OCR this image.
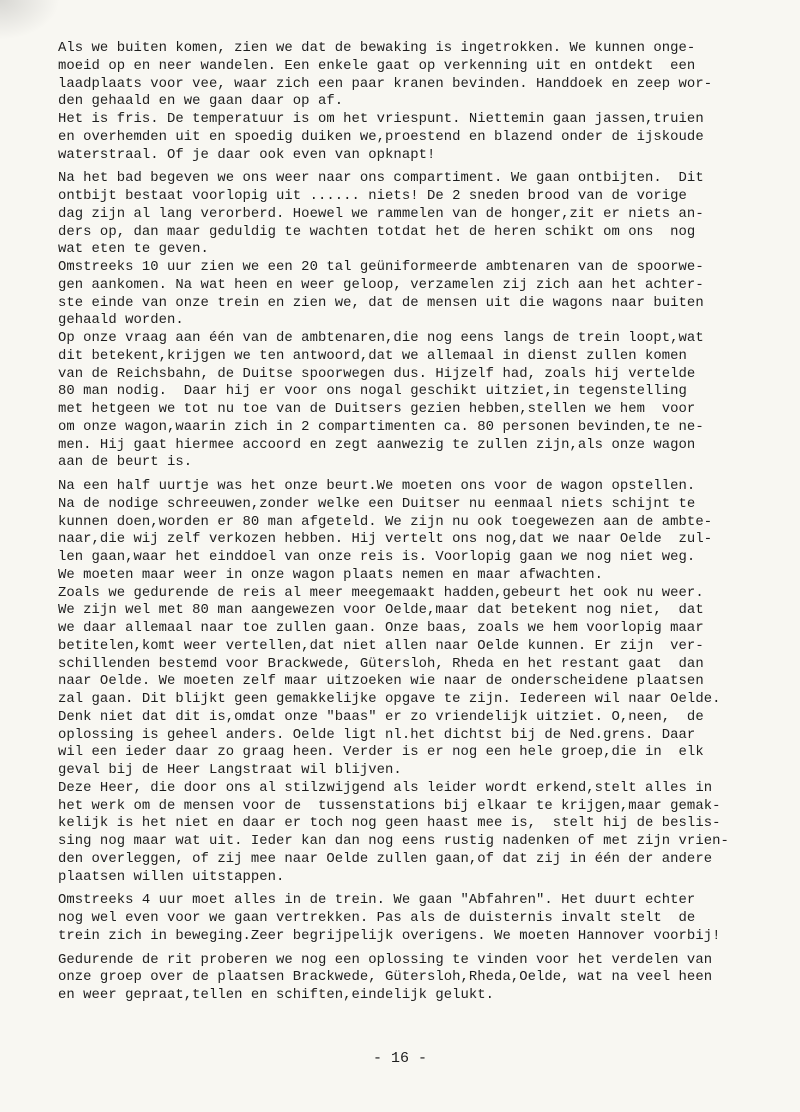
Als we buiten komen, zien we dat de bewaking is ingetrokken. We kunnen onge-
moeid op en neer wandelen. Een enkele gaat op verkenning uit en ontdekt  een
laadplaats voor vee, waar zich een paar kranen bevinden. Handdoek en zeep wor-
den gehaald en we gaan daar op af.
Het is fris. De temperatuur is om het vriespunt. Niettemin gaan jassen,truien
en overhemden uit en spoedig duiken we,proestend en blazend onder de ijskoude
waterstraal. Of je daar ook even van opknapt!
Na het bad begeven we ons weer naar ons compartiment. We gaan ontbijten.  Dit
ontbijt bestaat voorlopig uit ...... niets! De 2 sneden brood van de vorige
dag zijn al lang verorberd. Hoewel we rammelen van de honger,zit er niets an-
ders op, dan maar geduldig te wachten totdat het de heren schikt om ons  nog
wat eten te geven.
Omstreeks 10 uur zien we een 20 tal geüniformeerde ambtenaren van de spoorwe-
gen aankomen. Na wat heen en weer geloop, verzamelen zij zich aan het achter-
ste einde van onze trein en zien we, dat de mensen uit die wagons naar buiten
gehaald worden.
Op onze vraag aan één van de ambtenaren,die nog eens langs de trein loopt,wat
dit betekent,krijgen we ten antwoord,dat we allemaal in dienst zullen komen
van de Reichsbahn, de Duitse spoorwegen dus. Hijzelf had, zoals hij vertelde
80 man nodig.  Daar hij er voor ons nogal geschikt uitziet,in tegenstelling
met hetgeen we tot nu toe van de Duitsers gezien hebben,stellen we hem  voor
om onze wagon,waarin zich in 2 compartimenten ca. 80 personen bevinden,te ne-
men. Hij gaat hiermee accoord en zegt aanwezig te zullen zijn,als onze wagon
aan de beurt is.
Na een half uurtje was het onze beurt.We moeten ons voor de wagon opstellen.
Na de nodige schreeuwen,zonder welke een Duitser nu eenmaal niets schijnt te
kunnen doen,worden er 80 man afgeteld. We zijn nu ook toegewezen aan de ambte-
naar,die wij zelf verkozen hebben. Hij vertelt ons nog,dat we naar Oelde  zul-
len gaan,waar het einddoel van onze reis is. Voorlopig gaan we nog niet weg.
We moeten maar weer in onze wagon plaats nemen en maar afwachten.
Zoals we gedurende de reis al meer meegemaakt hadden,gebeurt het ook nu weer.
We zijn wel met 80 man aangewezen voor Oelde,maar dat betekent nog niet,  dat
we daar allemaal naar toe zullen gaan. Onze baas, zoals we hem voorlopig maar
betitelen,komt weer vertellen,dat niet allen naar Oelde kunnen. Er zijn  ver-
schillenden bestemd voor Brackwede, Gütersloh, Rheda en het restant gaat  dan
naar Oelde. We moeten zelf maar uitzoeken wie naar de onderscheidene plaatsen
zal gaan. Dit blijkt geen gemakkelijke opgave te zijn. Iedereen wil naar Oelde.
Denk niet dat dit is,omdat onze "baas" er zo vriendelijk uitziet. O,neen,  de
oplossing is geheel anders. Oelde ligt nl.het dichtst bij de Ned.grens. Daar
wil een ieder daar zo graag heen. Verder is er nog een hele groep,die in  elk
geval bij de Heer Langstraat wil blijven.
Deze Heer, die door ons al stilzwijgend als leider wordt erkend,stelt alles in
het werk om de mensen voor de  tussenstations bij elkaar te krijgen,maar gemak-
kelijk is het niet en daar er toch nog geen haast mee is,  stelt hij de beslis-
sing nog maar wat uit. Ieder kan dan nog eens rustig nadenken of met zijn vrien-
den overleggen, of zij mee naar Oelde zullen gaan,of dat zij in één der andere
plaatsen willen uitstappen.
Omstreeks 4 uur moet alles in de trein. We gaan "Abfahren". Het duurt echter
nog wel even voor we gaan vertrekken. Pas als de duisternis invalt stelt  de
trein zich in beweging.Zeer begrijpelijk overigens. We moeten Hannover voorbij!
Gedurende de rit proberen we nog een oplossing te vinden voor het verdelen van
onze groep over de plaatsen Brackwede, Gütersloh,Rheda,Oelde, wat na veel heen
en weer gepraat,tellen en schiften,eindelijk gelukt.
- 16 -
